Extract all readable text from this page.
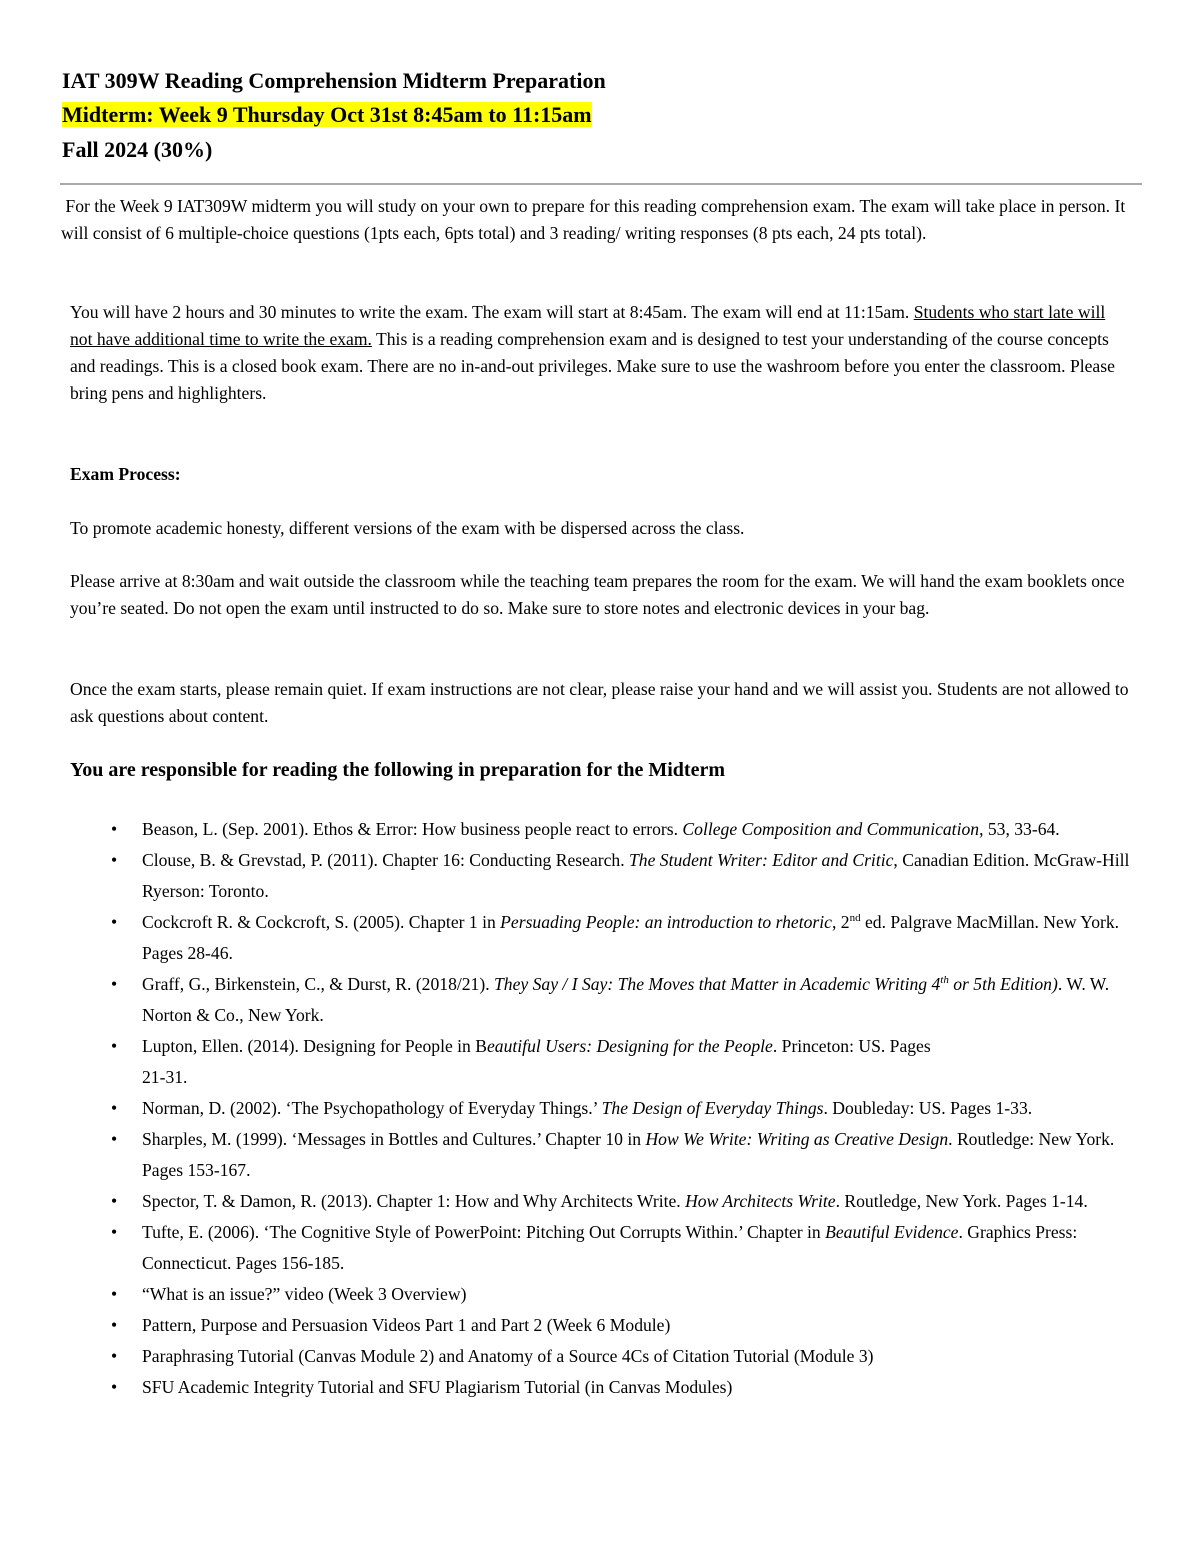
IAT 309W Reading Comprehension Midterm Preparation
Midterm: Week 9 Thursday Oct 31st 8:45am to 11:15am
Fall 2024 (30%)

For the Week 9 IAT309W midterm you will study on your own to prepare for this reading comprehension exam. The exam will take place in person. It will consist of 6 multiple-choice questions (1pts each, 6pts total) and 3 reading/ writing responses (8 pts each, 24 pts total).

You will have 2 hours and 30 minutes to write the exam. The exam will start at 8:45am. The exam will end at 11:15am. Students who start late will not have additional time to write the exam. This is a reading comprehension exam and is designed to test your understanding of the course concepts and readings. This is a closed book exam. There are no in-and-out privileges. Make sure to use the washroom before you enter the classroom. Please bring pens and highlighters.

Exam Process:

To promote academic honesty, different versions of the exam with be dispersed across the class.

Please arrive at 8:30am and wait outside the classroom while the teaching team prepares the room for the exam. We will hand the exam booklets once you’re seated. Do not open the exam until instructed to do so. Make sure to store notes and electronic devices in your bag.

Once the exam starts, please remain quiet. If exam instructions are not clear, please raise your hand and we will assist you. Students are not allowed to ask questions about content.

You are responsible for reading the following in preparation for the Midterm
• Beason, L. (Sep. 2001). Ethos & Error: How business people react to errors. College Composition and Communication, 53, 33-64.
• Clouse, B. & Grevstad, P. (2011). Chapter 16: Conducting Research. The Student Writer: Editor and Critic, Canadian Edition. McGraw-Hill Ryerson: Toronto.
• Cockcroft R. & Cockcroft, S. (2005). Chapter 1 in Persuading People: an introduction to rhetoric, 2nd ed. Palgrave MacMillan. New York. Pages 28-46.
• Graff, G., Birkenstein, C., & Durst, R. (2018/21). They Say / I Say: The Moves that Matter in Academic Writing 4th or 5th Edition). W. W. Norton & Co., New York.
• Lupton, Ellen. (2014). Designing for People in Beautiful Users: Designing for the People. Princeton: US. Pages
21-31.
• Norman, D. (2002). ‘The Psychopathology of Everyday Things.’ The Design of Everyday Things. Doubleday: US. Pages 1-33.
• Sharples, M. (1999). ‘Messages in Bottles and Cultures.’ Chapter 10 in How We Write: Writing as Creative Design. Routledge: New York. Pages 153-167.
• Spector, T. & Damon, R. (2013). Chapter 1: How and Why Architects Write. How Architects Write. Routledge, New York. Pages 1-14.
• Tufte, E. (2006). ‘The Cognitive Style of PowerPoint: Pitching Out Corrupts Within.’ Chapter in Beautiful Evidence. Graphics Press: Connecticut. Pages 156-185.
• “What is an issue?” video (Week 3 Overview)
• Pattern, Purpose and Persuasion Videos Part 1 and Part 2 (Week 6 Module)
• Paraphrasing Tutorial (Canvas Module 2) and Anatomy of a Source 4Cs of Citation Tutorial (Module 3)
• SFU Academic Integrity Tutorial and SFU Plagiarism Tutorial (in Canvas Modules)
